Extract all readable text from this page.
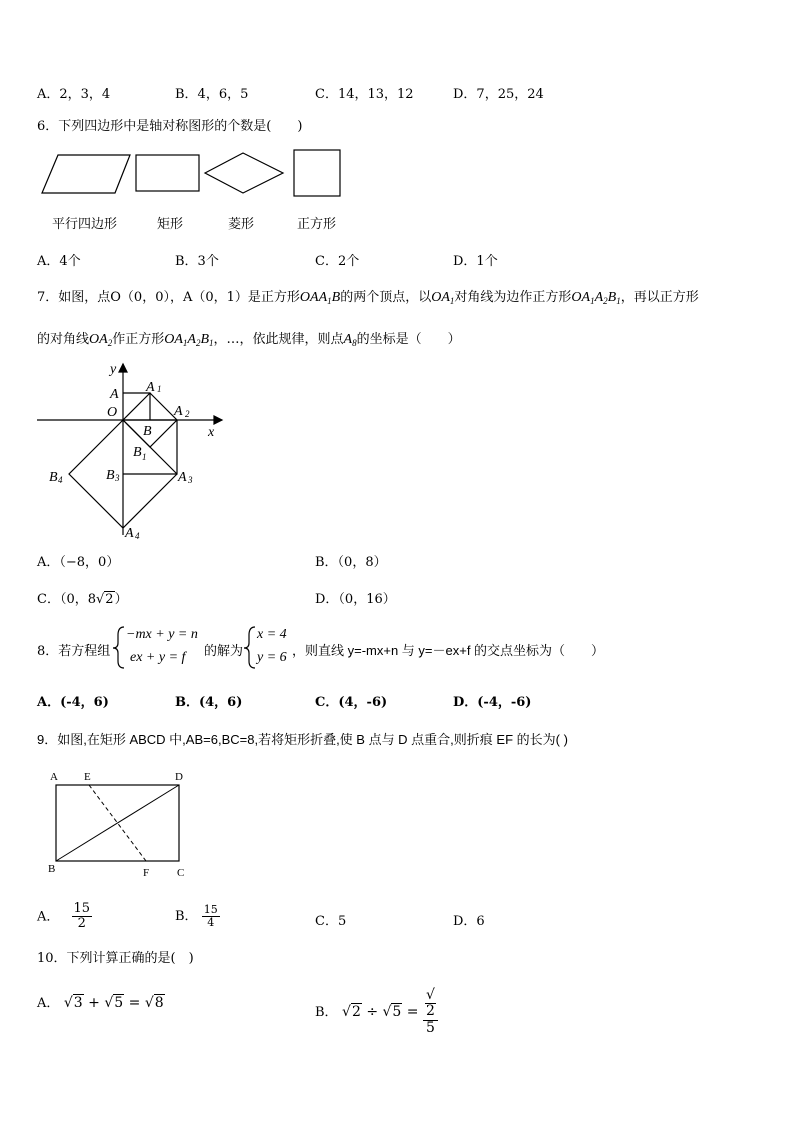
A．2，3，4	B．4，6，5	C．14，13，12	D．7，25，24
6．下列四边形中是轴对称图形的个数是(　　)
平行四边形	矩形	菱形	正方形
A．4个	B．3个	C．2个	D．1个
7．如图，点O（0，0），A（0，1）是正方形$OAA_1B$的两个顶点，以$OA_1$对角线为边作正方形$OA_1A_2B_1$，再以正方形
的对角线$OA_2$作正方形$OA_1A_2B_1$，…，依此规律，则点$A_8$的坐标是（　　）
y
x
O
A A 1
A 2
B
B 1
B 3	A 3
B 4
A 4
A．（−8，0）	B．（0，8）
C．（0，8√2）	D．（0，16）
8．若方程组
−mx + y = n
ex + y = f 的解为
x = 4
y = 6 ，则直线 y=-mx+n 与 y=－ex+f 的交点坐标为（　　）
A．(-4，6)	B．(4，6)	C．(4，-6)	D．(-4，-6)
9．如图,在矩形 ABCD 中,AB=6,BC=8,若将矩形折叠,使 B 点与 D 点重合,则折痕 EF 的长为( )
A E	D
B	F	C
A． $\frac{15}{2}$	B． $\frac{15}{4}$	C．5	D．6
10．下列计算正确的是(　)
A． √3 + √5 = √8
B． √2 ÷ √5 = √
2
5
